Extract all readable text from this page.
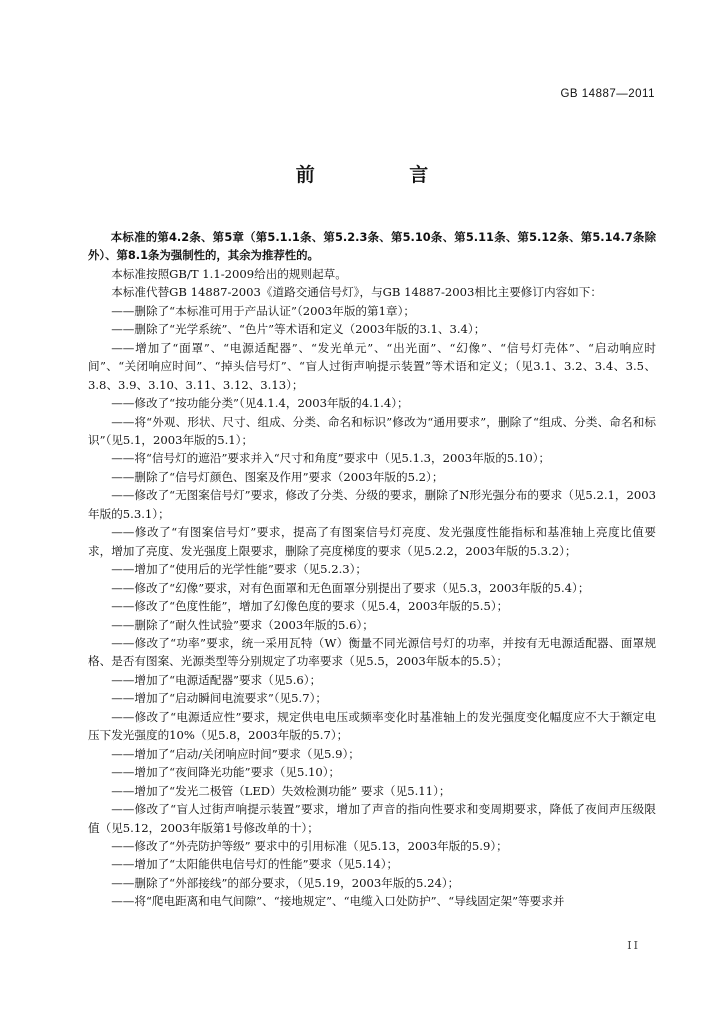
GB 14887—2011
前 言

本标准的第4.2条、第5章（第5.1.1条、第5.2.3条、第5.10条、第5.11条、第5.12条、第5.14.7条除外）、第8.1条为强制性的，其余为推荐性的。

本标准按照GB/T 1.1-2009给出的规则起草。

本标准代替GB 14887-2003《道路交通信号灯》，与GB 14887-2003相比主要修订内容如下：

——删除了“本标准可用于产品认证”（2003年版的第1章）；

——删除了“光学系统”、“色片”等术语和定义（2003年版的3.1、3.4）；

——增加了“面罩”、“电源适配器”、“发光单元”、“出光面”、“幻像”、“信号灯壳体”、“启动响应时间”、“关闭响应时间”、“掉头信号灯”、“盲人过街声响提示装置”等术语和定义；（见3.1、3.2、3.4、3.5、3.8、3.9、3.10、3.11、3.12、3.13）；

——修改了“按功能分类”（见4.1.4，2003年版的4.1.4）；

——将“外观、形状、尺寸、组成、分类、命名和标识”修改为“通用要求”，删除了“组成、分类、命名和标识”（见5.1，2003年版的5.1）；

——将“信号灯的遮沿”要求并入“尺寸和角度”要求中（见5.1.3，2003年版的5.10）；

——删除了“信号灯颜色、图案及作用”要求（2003年版的5.2）；

——修改了“无图案信号灯”要求，修改了分类、分级的要求，删除了N形光强分布的要求（见5.2.1，2003年版的5.3.1）；

——修改了“有图案信号灯”要求，提高了有图案信号灯亮度、发光强度性能指标和基准轴上亮度比值要求，增加了亮度、发光强度上限要求，删除了亮度梯度的要求（见5.2.2，2003年版的5.3.2）；

——增加了“使用后的光学性能”要求（见5.2.3）；

——修改了“幻像”要求，对有色面罩和无色面罩分别提出了要求（见5.3，2003年版的5.4）；

——修改了“色度性能”，增加了幻像色度的要求（见5.4，2003年版的5.5）；

——删除了“耐久性试验”要求（2003年版的5.6）；

——修改了“功率”要求，统一采用瓦特（W）衡量不同光源信号灯的功率，并按有无电源适配器、面罩规格、是否有图案、光源类型等分别规定了功率要求（见5.5，2003年版本的5.5）；

——增加了“电源适配器”要求（见5.6）；

——增加了“启动瞬间电流要求”（见5.7）；

——修改了“电源适应性”要求，规定供电电压或频率变化时基准轴上的发光强度变化幅度应不大于额定电压下发光强度的10%（见5.8，2003年版的5.7）；

——增加了“启动/关闭响应时间”要求（见5.9）；

——增加了“夜间降光功能”要求（见5.10）；

——增加了“发光二极管（LED）失效检测功能” 要求（见5.11）；

——修改了“盲人过街声响提示装置”要求，增加了声音的指向性要求和变周期要求，降低了夜间声压级限值（见5.12，2003年版第1号修改单的十）；

——修改了“外壳防护等级” 要求中的引用标准（见5.13，2003年版的5.9）；

——增加了“太阳能供电信号灯的性能”要求（见5.14）；

——删除了“外部接线”的部分要求，（见5.19，2003年版的5.24）；

——将“爬电距离和电气间隙”、“接地规定”、“电缆入口处防护”、“导线固定架”等要求并

II
